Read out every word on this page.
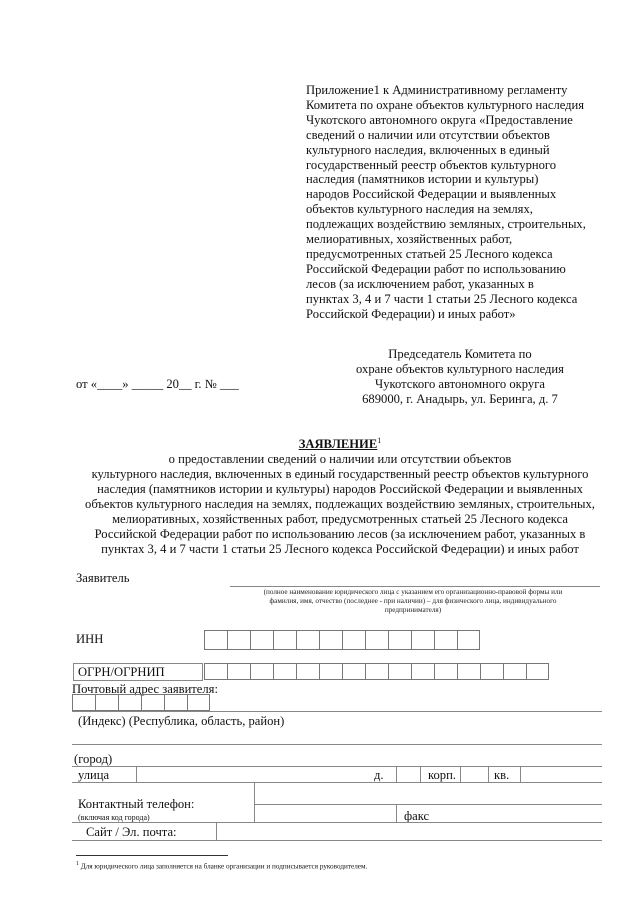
Приложение1 к Административному регламенту
Комитета по охране объектов культурного наследия
Чукотского автономного округа «Предоставление
сведений о наличии или отсутствии объектов
культурного наследия, включенных в единый
государственный реестр объектов культурного
наследия (памятников истории и культуры)
народов Российской Федерации и выявленных
объектов культурного наследия на землях,
подлежащих воздействию земляных, строительных,
мелиоративных, хозяйственных работ,
предусмотренных статьей 25 Лесного кодекса
Российской Федерации работ по использованию
лесов (за исключением работ, указанных в
пунктах 3, 4 и 7 части 1 статьи 25 Лесного кодекса
Российской Федерации) и иных работ»
Председатель Комитета по
охране объектов культурного наследия
Чукотского автономного округа
689000, г. Анадырь, ул. Беринга, д. 7
от «____» _____ 20__ г. № ___
ЗАЯВЛЕНИЕ$^1$
о предоставлении сведений о наличии или отсутствии объектов
культурного наследия, включенных в единый государственный реестр объектов культурного
наследия (памятников истории и культуры) народов Российской Федерации и выявленных
объектов культурного наследия на землях, подлежащих воздействию земляных, строительных,
мелиоративных, хозяйственных работ, предусмотренных статьей 25 Лесного кодекса
Российской Федерации работ по использованию лесов (за исключением работ, указанных в
пунктах 3, 4 и 7 части 1 статьи 25 Лесного кодекса Российской Федерации) и иных работ
Заявитель
(полное наименование юридического лица с указанием его организационно-правовой формы или
фамилия, имя, отчество (последнее - при наличии) – для физического лица, индивидуального
предпринимателя)
ИНН
ОГРН/ОГРНИП
Почтовый адрес заявителя:
(Индекс) (Республика, область, район)
(город)
улица	д.	корп.	кв.
Контактный телефон:
(включая код города)	факс
Сайт / Эл. почта:
$^1$ Для юридического лица заполняется на бланке организации и подписывается руководителем.
